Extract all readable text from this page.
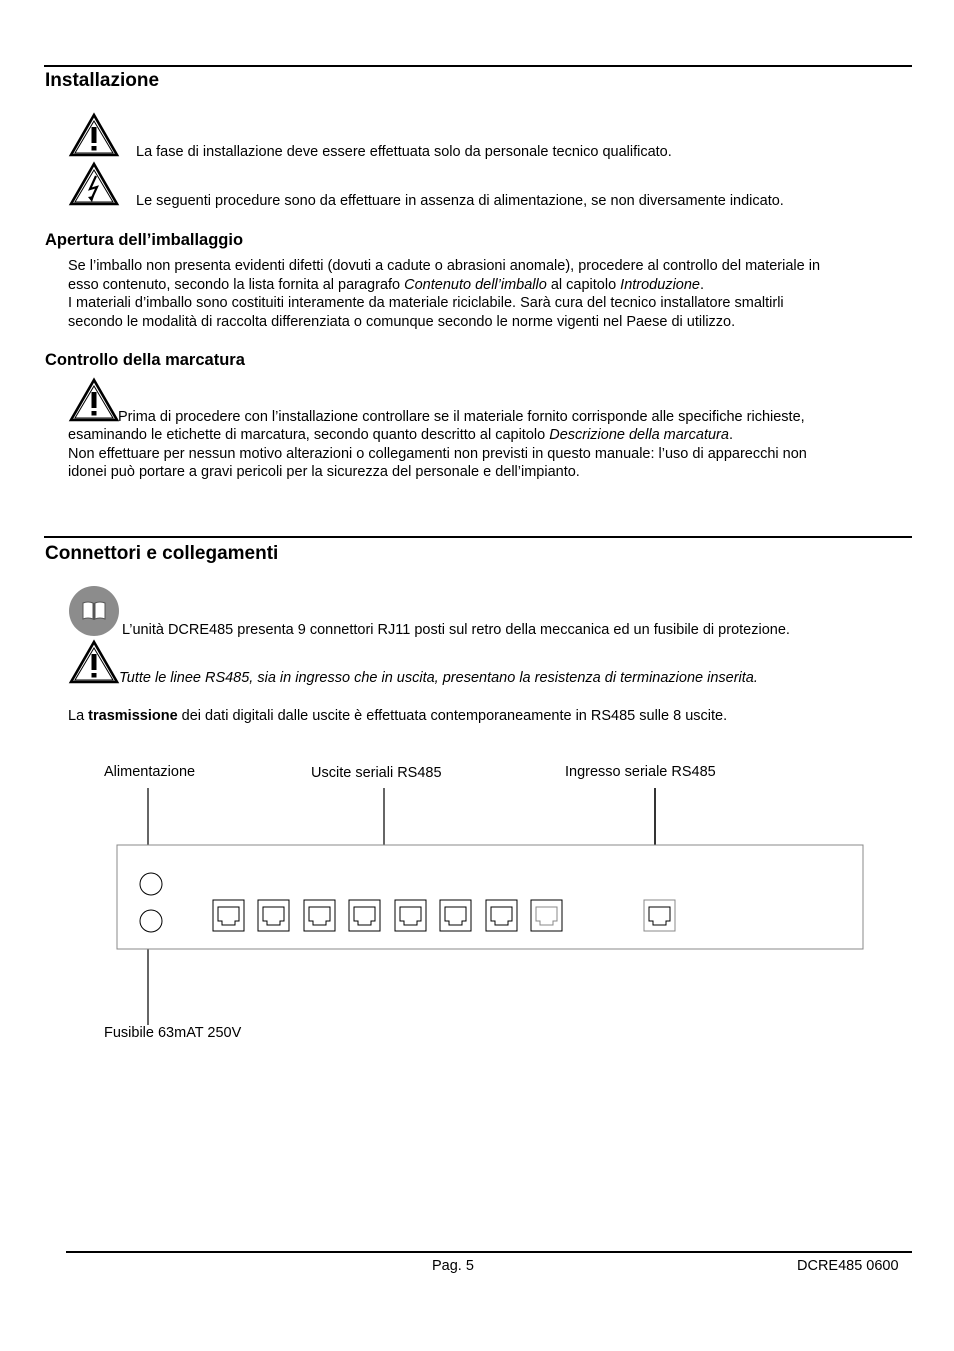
Installazione
La fase di installazione deve essere effettuata solo da personale tecnico qualificato.
Le seguenti procedure sono da effettuare in assenza di alimentazione, se non diversamente indicato.
Apertura dell’imballaggio

Se l’imballo non presenta evidenti difetti (dovuti a cadute o abrasioni anomale), procedere al controllo del materiale in

esso contenuto, secondo la lista fornita al paragrafo Contenuto dell’imballo al capitolo Introduzione.

I materiali d’imballo sono costituiti interamente da materiale riciclabile. Sarà cura del tecnico installatore smaltirli

secondo le modalità di raccolta differenziata o comunque secondo le norme vigenti nel Paese di utilizzo.

Controllo della marcatura
Prima di procedere con l’installazione controllare se il materiale fornito corrisponde alle specifiche richieste,

esaminando le etichette di marcatura, secondo quanto descritto al capitolo Descrizione della marcatura.

Non effettuare per nessun motivo alterazioni o collegamenti non previsti in questo manuale: l’uso di apparecchi non

idonei può portare a gravi pericoli per la sicurezza del personale e dell’impianto.

Connettori e collegamenti
L’unità DCRE485 presenta 9 connettori RJ11 posti sul retro della meccanica ed un fusibile di protezione.
Tutte le linee RS485, sia in ingresso che in uscita, presentano la resistenza di terminazione inserita.
La trasmissione dei dati digitali dalle uscite è effettuata contemporaneamente in RS485 sulle 8 uscite.
Alimentazione	Uscite seriali RS485	Ingresso seriale RS485
Fusibile 63mAT 250V
Pag. 5	DCRE485 0600
